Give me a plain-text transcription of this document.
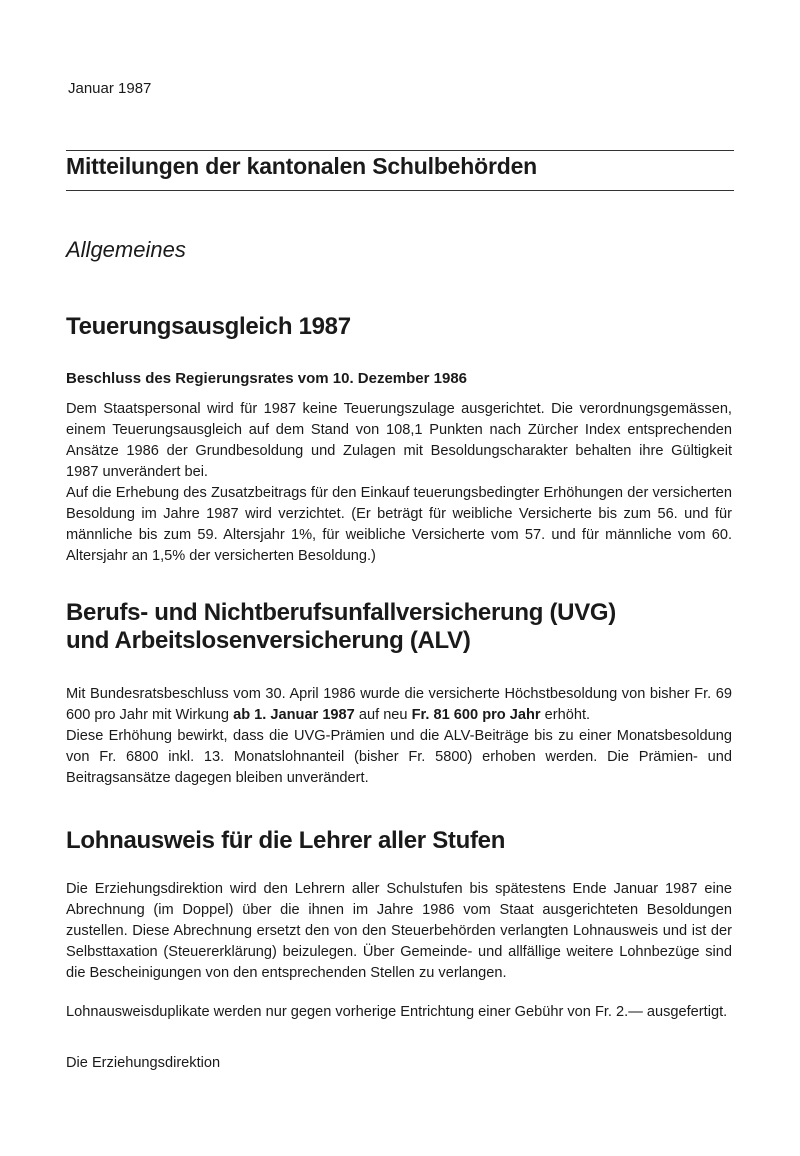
Januar 1987

Mitteilungen der kantonalen Schulbehörden
Allgemeines
Teuerungsausgleich 1987

Beschluss des Regierungsrates vom 10. Dezember 1986

Dem Staatspersonal wird für 1987 keine Teuerungszulage ausgerichtet. Die verordnungsgemässen, einem Teuerungsausgleich auf dem Stand von 108,1 Punkten nach Zürcher Index entsprechenden Ansätze 1986 der Grundbesoldung und Zulagen mit Besoldungscharakter behalten ihre Gültigkeit 1987 unverändert bei.

Auf die Erhebung des Zusatzbeitrags für den Einkauf teuerungsbedingter Erhöhungen der versicherten Besoldung im Jahre 1987 wird verzichtet. (Er beträgt für weibliche Versicherte bis zum 56. und für männliche bis zum 59. Altersjahr 1%, für weibliche Versicherte vom 57. und für männliche vom 60. Altersjahr an 1,5% der versicherten Besoldung.)

Berufs- und Nichtberufsunfallversicherung (UVG)
und Arbeitslosenversicherung (ALV)

Mit Bundesratsbeschluss vom 30. April 1986 wurde die versicherte Höchstbesoldung von bisher Fr. 69 600 pro Jahr mit Wirkung ab 1. Januar 1987 auf neu Fr. 81 600 pro Jahr erhöht.

Diese Erhöhung bewirkt, dass die UVG-Prämien und die ALV-Beiträge bis zu einer Monatsbesoldung von Fr. 6800 inkl. 13. Monatslohnanteil (bisher Fr. 5800) erhoben werden. Die Prämien- und Beitragsansätze dagegen bleiben unverändert.

Lohnausweis für die Lehrer aller Stufen

Die Erziehungsdirektion wird den Lehrern aller Schulstufen bis spätestens Ende Januar 1987 eine Abrechnung (im Doppel) über die ihnen im Jahre 1986 vom Staat ausgerichteten Besoldungen zustellen. Diese Abrechnung ersetzt den von den Steuerbehörden verlangten Lohnausweis und ist der Selbsttaxation (Steuererklärung) beizulegen. Über Gemeinde- und allfällige weitere Lohnbezüge sind die Bescheinigungen von den entsprechenden Stellen zu verlangen.

Lohnausweisduplikate werden nur gegen vorherige Entrichtung einer Gebühr von Fr. 2.— ausgefertigt.

Die Erziehungsdirektion
